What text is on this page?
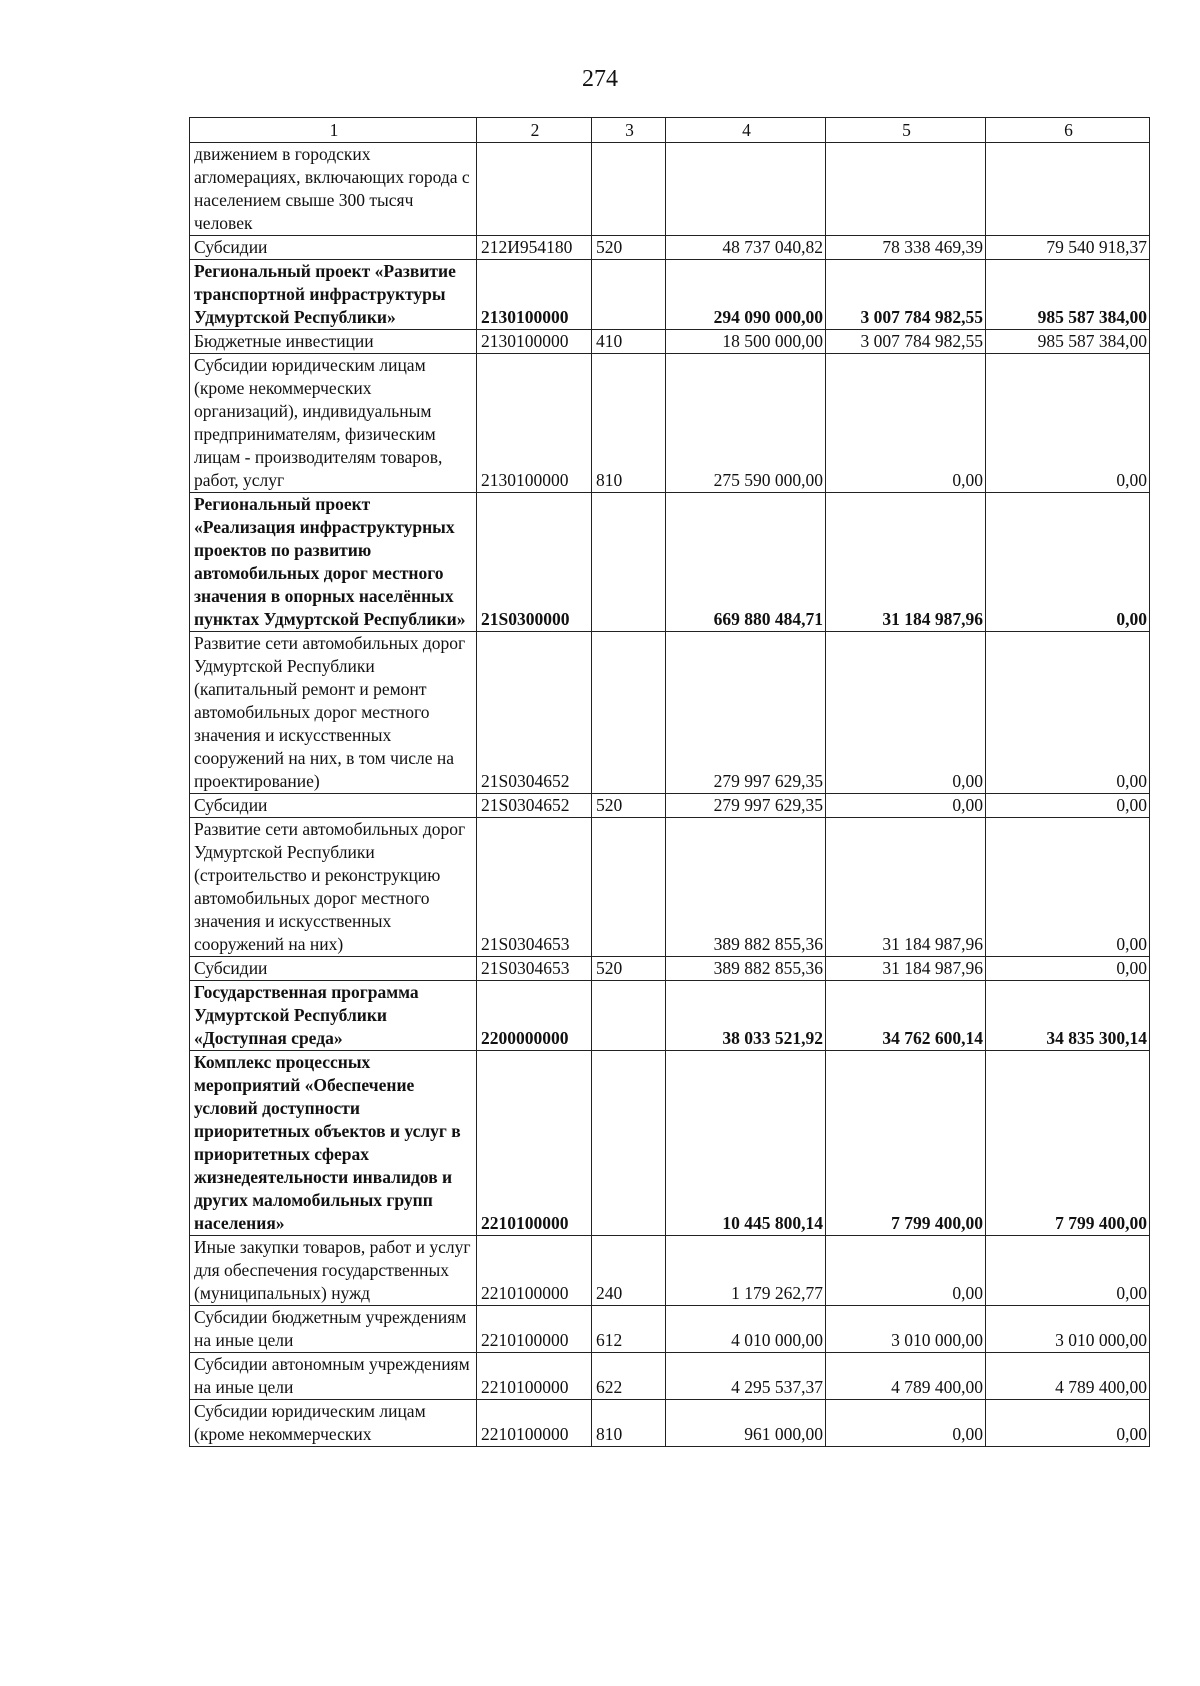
274
1	2	3	4	5	6
движением в городских агломерациях, включающих города с населением свыше 300 тысяч человек					
Субсидии	212И954180	520	48 737 040,82	78 338 469,39	79 540 918,37
Региональный проект «Развитие транспортной инфраструктуры Удмуртской Республики»	2130100000		294 090 000,00	3 007 784 982,55	985 587 384,00
Бюджетные инвестиции	2130100000	410	18 500 000,00	3 007 784 982,55	985 587 384,00
Субсидии юридическим лицам (кроме некоммерческих организаций), индивидуальным предпринимателям, физическим лицам - производителям товаров, работ, услуг	2130100000	810	275 590 000,00	0,00	0,00
Региональный проект «Реализация инфраструктурных проектов по развитию автомобильных дорог местного значения в опорных населённых пунктах Удмуртской Республики»	21S0300000		669 880 484,71	31 184 987,96	0,00
Развитие сети автомобильных дорог Удмуртской Республики (капитальный ремонт и ремонт автомобильных дорог местного значения и искусственных сооружений на них, в том числе на проектирование)	21S0304652		279 997 629,35	0,00	0,00
Субсидии	21S0304652	520	279 997 629,35	0,00	0,00
Развитие сети автомобильных дорог Удмуртской Республики (строительство и реконструкцию автомобильных дорог местного значения и искусственных сооружений на них)	21S0304653		389 882 855,36	31 184 987,96	0,00
Субсидии	21S0304653	520	389 882 855,36	31 184 987,96	0,00
Государственная программа Удмуртской Республики «Доступная среда»	2200000000		38 033 521,92	34 762 600,14	34 835 300,14
Комплекс процессных мероприятий «Обеспечение условий доступности приоритетных объектов и услуг в приоритетных сферах жизнедеятельности инвалидов и других маломобильных групп населения»	2210100000		10 445 800,14	7 799 400,00	7 799 400,00
Иные закупки товаров, работ и услуг для обеспечения государственных (муниципальных) нужд	2210100000	240	1 179 262,77	0,00	0,00
Субсидии бюджетным учреждениям на иные цели	2210100000	612	4 010 000,00	3 010 000,00	3 010 000,00
Субсидии автономным учреждениям на иные цели	2210100000	622	4 295 537,37	4 789 400,00	4 789 400,00
Субсидии юридическим лицам (кроме некоммерческих	2210100000	810	961 000,00	0,00	0,00
